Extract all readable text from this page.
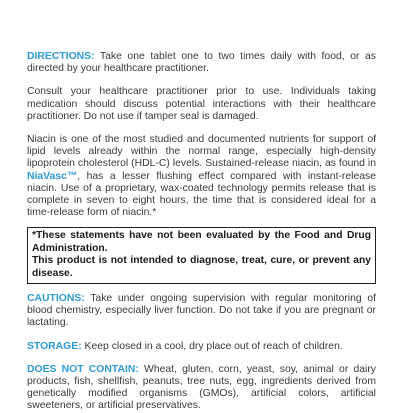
DIRECTIONS: Take one tablet one to two times daily with food, or as directed by your healthcare practitioner.

Consult your healthcare practitioner prior to use. Individuals taking medication should discuss potential interactions with their healthcare practitioner. Do not use if tamper seal is damaged.

Niacin is one of the most studied and documented nutrients for support of lipid levels already within the normal range, especially high-density lipoprotein cholesterol (HDL-C) levels. Sustained-release niacin, as found in NiaVasc™, has a lesser flushing effect compared with instant-release niacin. Use of a proprietary, wax-coated technology permits release that is complete in seven to eight hours, the time that is considered ideal for a time-release form of niacin.*

*These statements have not been evaluated by the Food and Drug Administration.
This product is not intended to diagnose, treat, cure, or prevent any disease.

CAUTIONS: Take under ongoing supervision with regular monitoring of blood chemistry, especially liver function. Do not take if you are pregnant or lactating.

STORAGE: Keep closed in a cool, dry place out of reach of children.

DOES NOT CONTAIN: Wheat, gluten, corn, yeast, soy, animal or dairy products, fish, shellfish, peanuts, tree nuts, egg, ingredients derived from genetically modified organisms (GMOs), artificial colors, artificial sweeteners, or artificial preservatives.
